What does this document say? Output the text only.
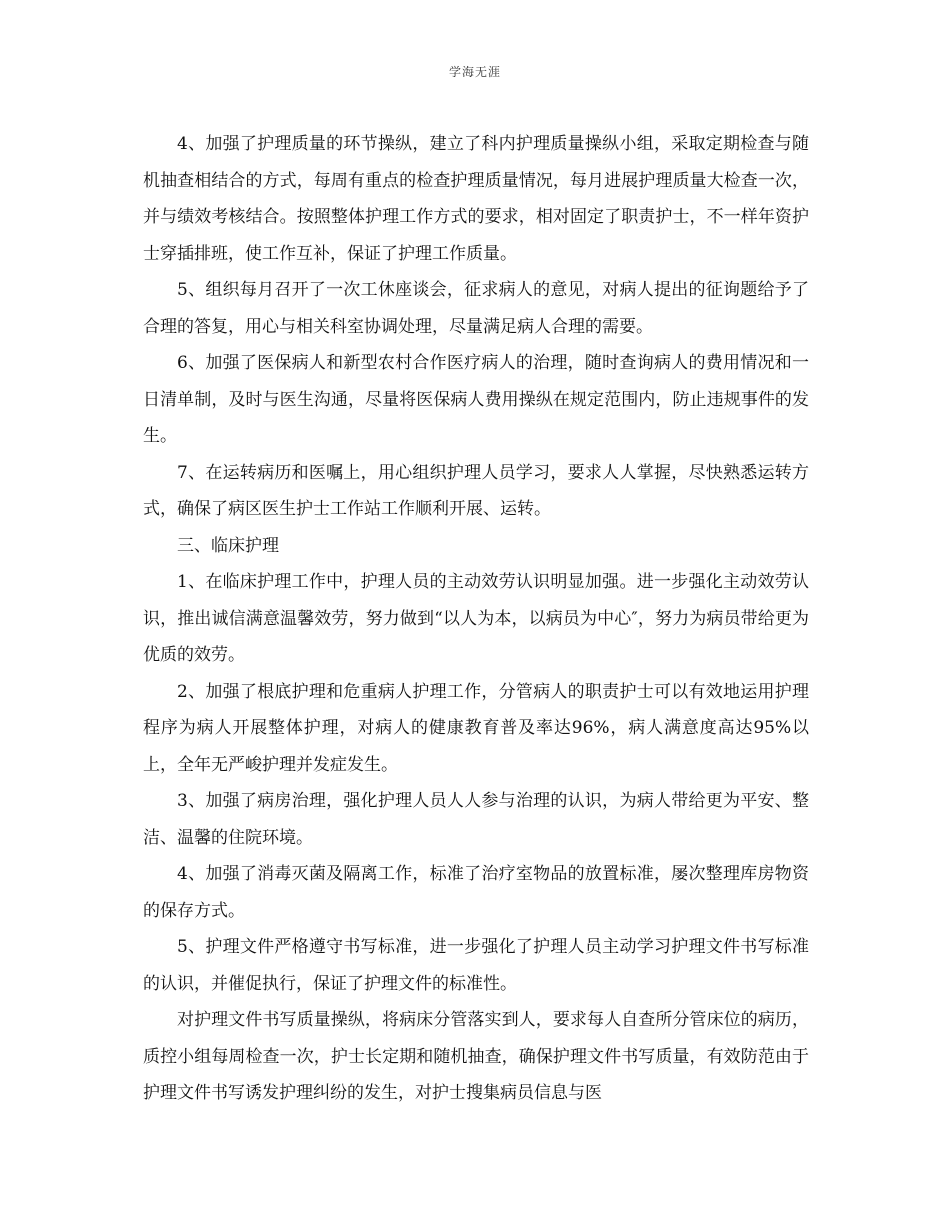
学海无涯

4、加强了护理质量的环节操纵，建立了科内护理质量操纵小组，采取定期检查与随机抽查相结合的方式，每周有重点的检查护理质量情况，每月进展护理质量大检查一次，并与绩效考核结合。按照整体护理工作方式的要求，相对固定了职责护士，不一样年资护士穿插排班，使工作互补，保证了护理工作质量。

5、组织每月召开了一次工休座谈会，征求病人的意见，对病人提出的征询题给予了合理的答复，用心与相关科室协调处理，尽量满足病人合理的需要。

6、加强了医保病人和新型农村合作医疗病人的治理，随时查询病人的费用情况和一日清单制，及时与医生沟通，尽量将医保病人费用操纵在规定范围内，防止违规事件的发生。

7、在运转病历和医嘱上，用心组织护理人员学习，要求人人掌握，尽快熟悉运转方式，确保了病区医生护士工作站工作顺利开展、运转。

三、临床护理

1、在临床护理工作中，护理人员的主动效劳认识明显加强。进一步强化主动效劳认识，推出诚信满意温馨效劳，努力做到“以人为本，以病员为中心″，努力为病员带给更为优质的效劳。

2、加强了根底护理和危重病人护理工作，分管病人的职责护士可以有效地运用护理程序为病人开展整体护理，对病人的健康教育普及率达96%，病人满意度高达95%以上，全年无严峻护理并发症发生。

3、加强了病房治理，强化护理人员人人参与治理的认识，为病人带给更为平安、整洁、温馨的住院环境。

4、加强了消毒灭菌及隔离工作，标准了治疗室物品的放置标准，屡次整理库房物资的保存方式。

5、护理文件严格遵守书写标准，进一步强化了护理人员主动学习护理文件书写标准的认识，并催促执行，保证了护理文件的标准性。

对护理文件书写质量操纵，将病床分管落实到人，要求每人自查所分管床位的病历，质控小组每周检查一次，护士长定期和随机抽查，确保护理文件书写质量，有效防范由于护理文件书写诱发护理纠纷的发生，对护士搜集病员信息与医
